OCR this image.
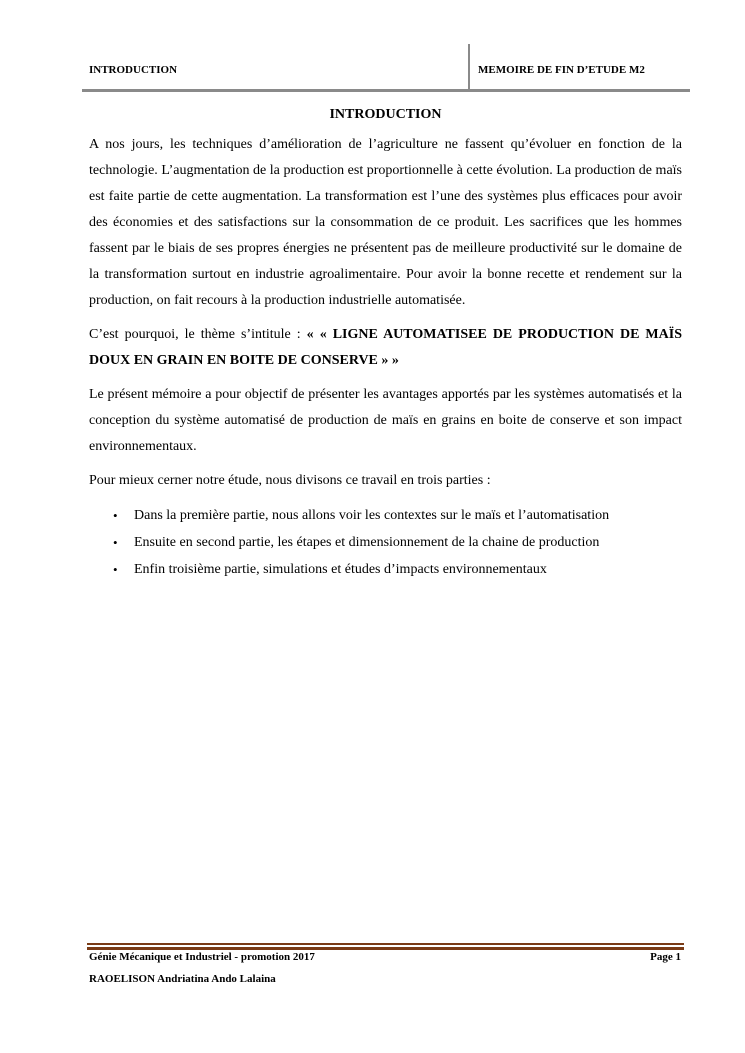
INTRODUCTION	MEMOIRE DE FIN D’ETUDE M2
INTRODUCTION

A nos jours, les techniques d’amélioration de l’agriculture ne fassent qu’évoluer en fonction de la technologie. L’augmentation de la production est proportionnelle à cette évolution. La production de maïs est faite partie de cette augmentation. La transformation est l’une des systèmes plus efficaces pour avoir des économies et des satisfactions sur la consommation de ce produit. Les sacrifices que les hommes fassent par le biais de ses propres énergies ne présentent pas de meilleure productivité sur le domaine de la transformation surtout en industrie agroalimentaire. Pour avoir la bonne recette et rendement sur la production, on fait recours à la production industrielle automatisée.

C’est pourquoi, le thème s’intitule : « « LIGNE AUTOMATISEE DE PRODUCTION DE MAÏS DOUX EN GRAIN EN BOITE DE CONSERVE » »

Le présent mémoire a pour objectif de présenter les avantages apportés par les systèmes automatisés et la conception du système automatisé de production de maïs en grains en boite de conserve et son impact environnementaux.

Pour mieux cerner notre étude, nous divisons ce travail en trois parties :

• Dans la première partie, nous allons voir les contextes sur le maïs et l’automatisation
• Ensuite en second partie, les étapes et dimensionnement de la chaine de production
• Enfin troisième partie, simulations et études d’impacts environnementaux
Génie Mécanique et Industriel - promotion 2017	Page 1
RAOELISON Andriatina Ando Lalaina
